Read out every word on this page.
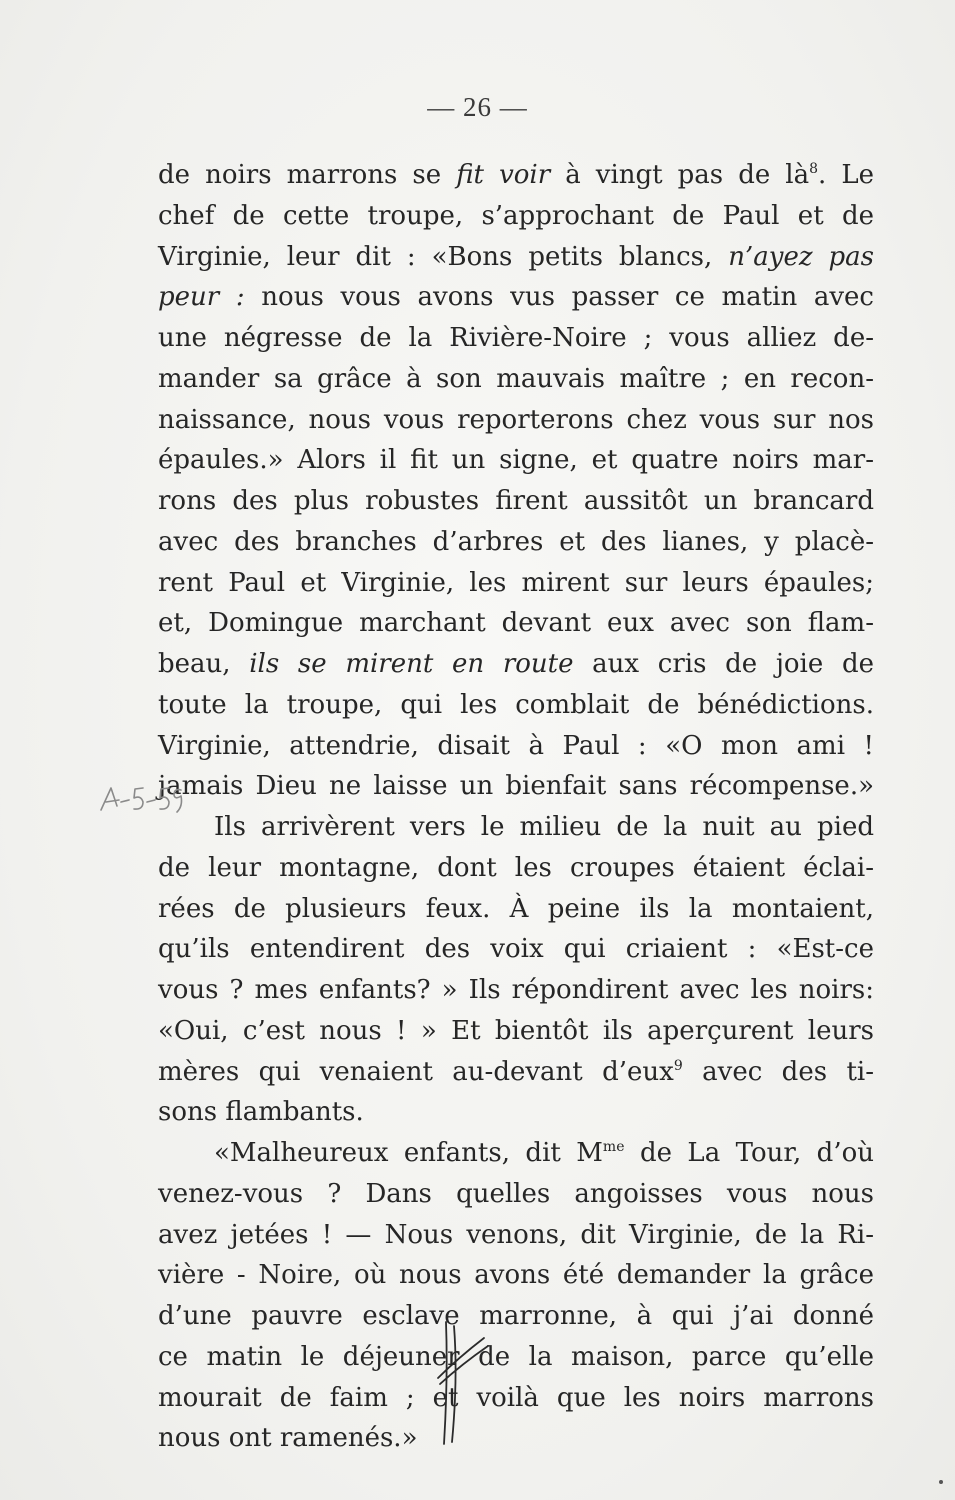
— 26 —
de noirs marrons se fit voir à vingt pas de $là^8$. Le
chef de cette troupe, s’approchant de Paul et de
Virginie, leur dit : «Bons petits blancs, n’ayez pas
peur : nous vous avons vus passer ce matin avec
une négresse de la Rivière-Noire ; vous alliez de-
mander sa grâce à son mauvais maître ; en recon-
naissance, nous vous reporterons chez vous sur nos
épaules.» Alors il fit un signe, et quatre noirs mar-
rons des plus robustes firent aussitôt un brancard
avec des branches d’arbres et des lianes, y placè-
rent Paul et Virginie, les mirent sur leurs épaules;
et, Domingue marchant devant eux avec son flam-
beau, ils se mirent en route aux cris de joie de
toute la troupe, qui les comblait de bénédictions.
Virginie, attendrie, disait à Paul : «O mon ami !
jamais Dieu ne laisse un bienfait sans récompense.»
Ils arrivèrent vers le milieu de la nuit au pied
de leur montagne, dont les croupes étaient éclai-
rées de plusieurs feux. À peine ils la montaient,
qu’ils entendirent des voix qui criaient : «Est-ce
vous ? mes enfants? » Ils répondirent avec les noirs:
«Oui, c’est nous ! » Et bientôt ils aperçurent leurs
mères qui venaient au-devant d’eux$^9$ avec des ti-
sons flambants.
«Malheureux enfants, dit $M^{me}$ de La Tour, d’où
venez-vous ? Dans quelles angoisses vous nous
avez jetées ! — Nous venons, dit Virginie, de la Ri-
vière - Noire, où nous avons été demander la grâce
d’une pauvre esclave marronne, à qui j’ai donné
ce matin le déjeuner de la maison, parce qu’elle
mourait de faim ; et voilà que les noirs marrons
nous ont ramenés.»
